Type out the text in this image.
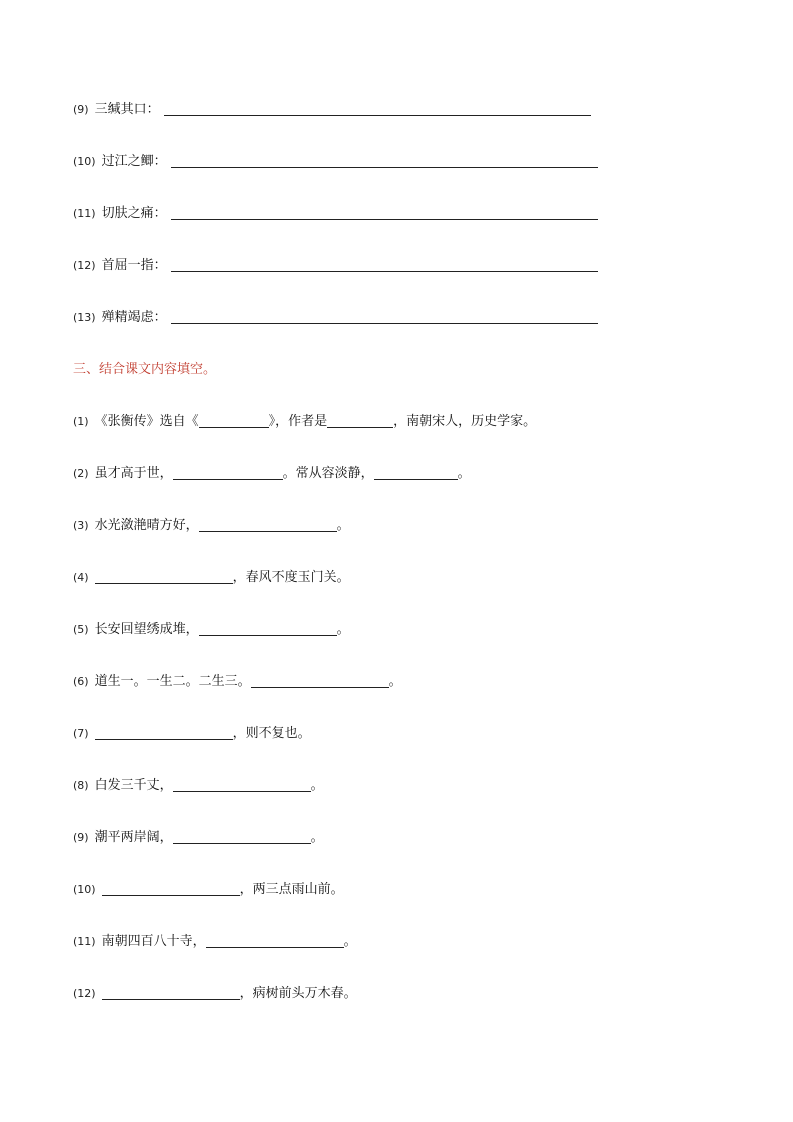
(9) 三缄其口：
(10) 过江之鲫：
(11) 切肤之痛：
(12) 首屈一指：
(13) 殚精竭虑：
三、结合课文内容填空。
(1) 《张衡传》选自《	》，作者是	，南朝宋人，历史学家。
(2) 虽才高于世，	。常从容淡静，	。
(3) 水光潋滟晴方好，	。
(4)	，春风不度玉门关。
(5) 长安回望绣成堆，	。
(6) 道生一。一生二。二生三。	。
(7)	，则不复也。
(8) 白发三千丈，	。
(9) 潮平两岸阔，	。
(10)	，两三点雨山前。
(11) 南朝四百八十寺，	。
(12)	，病树前头万木春。
